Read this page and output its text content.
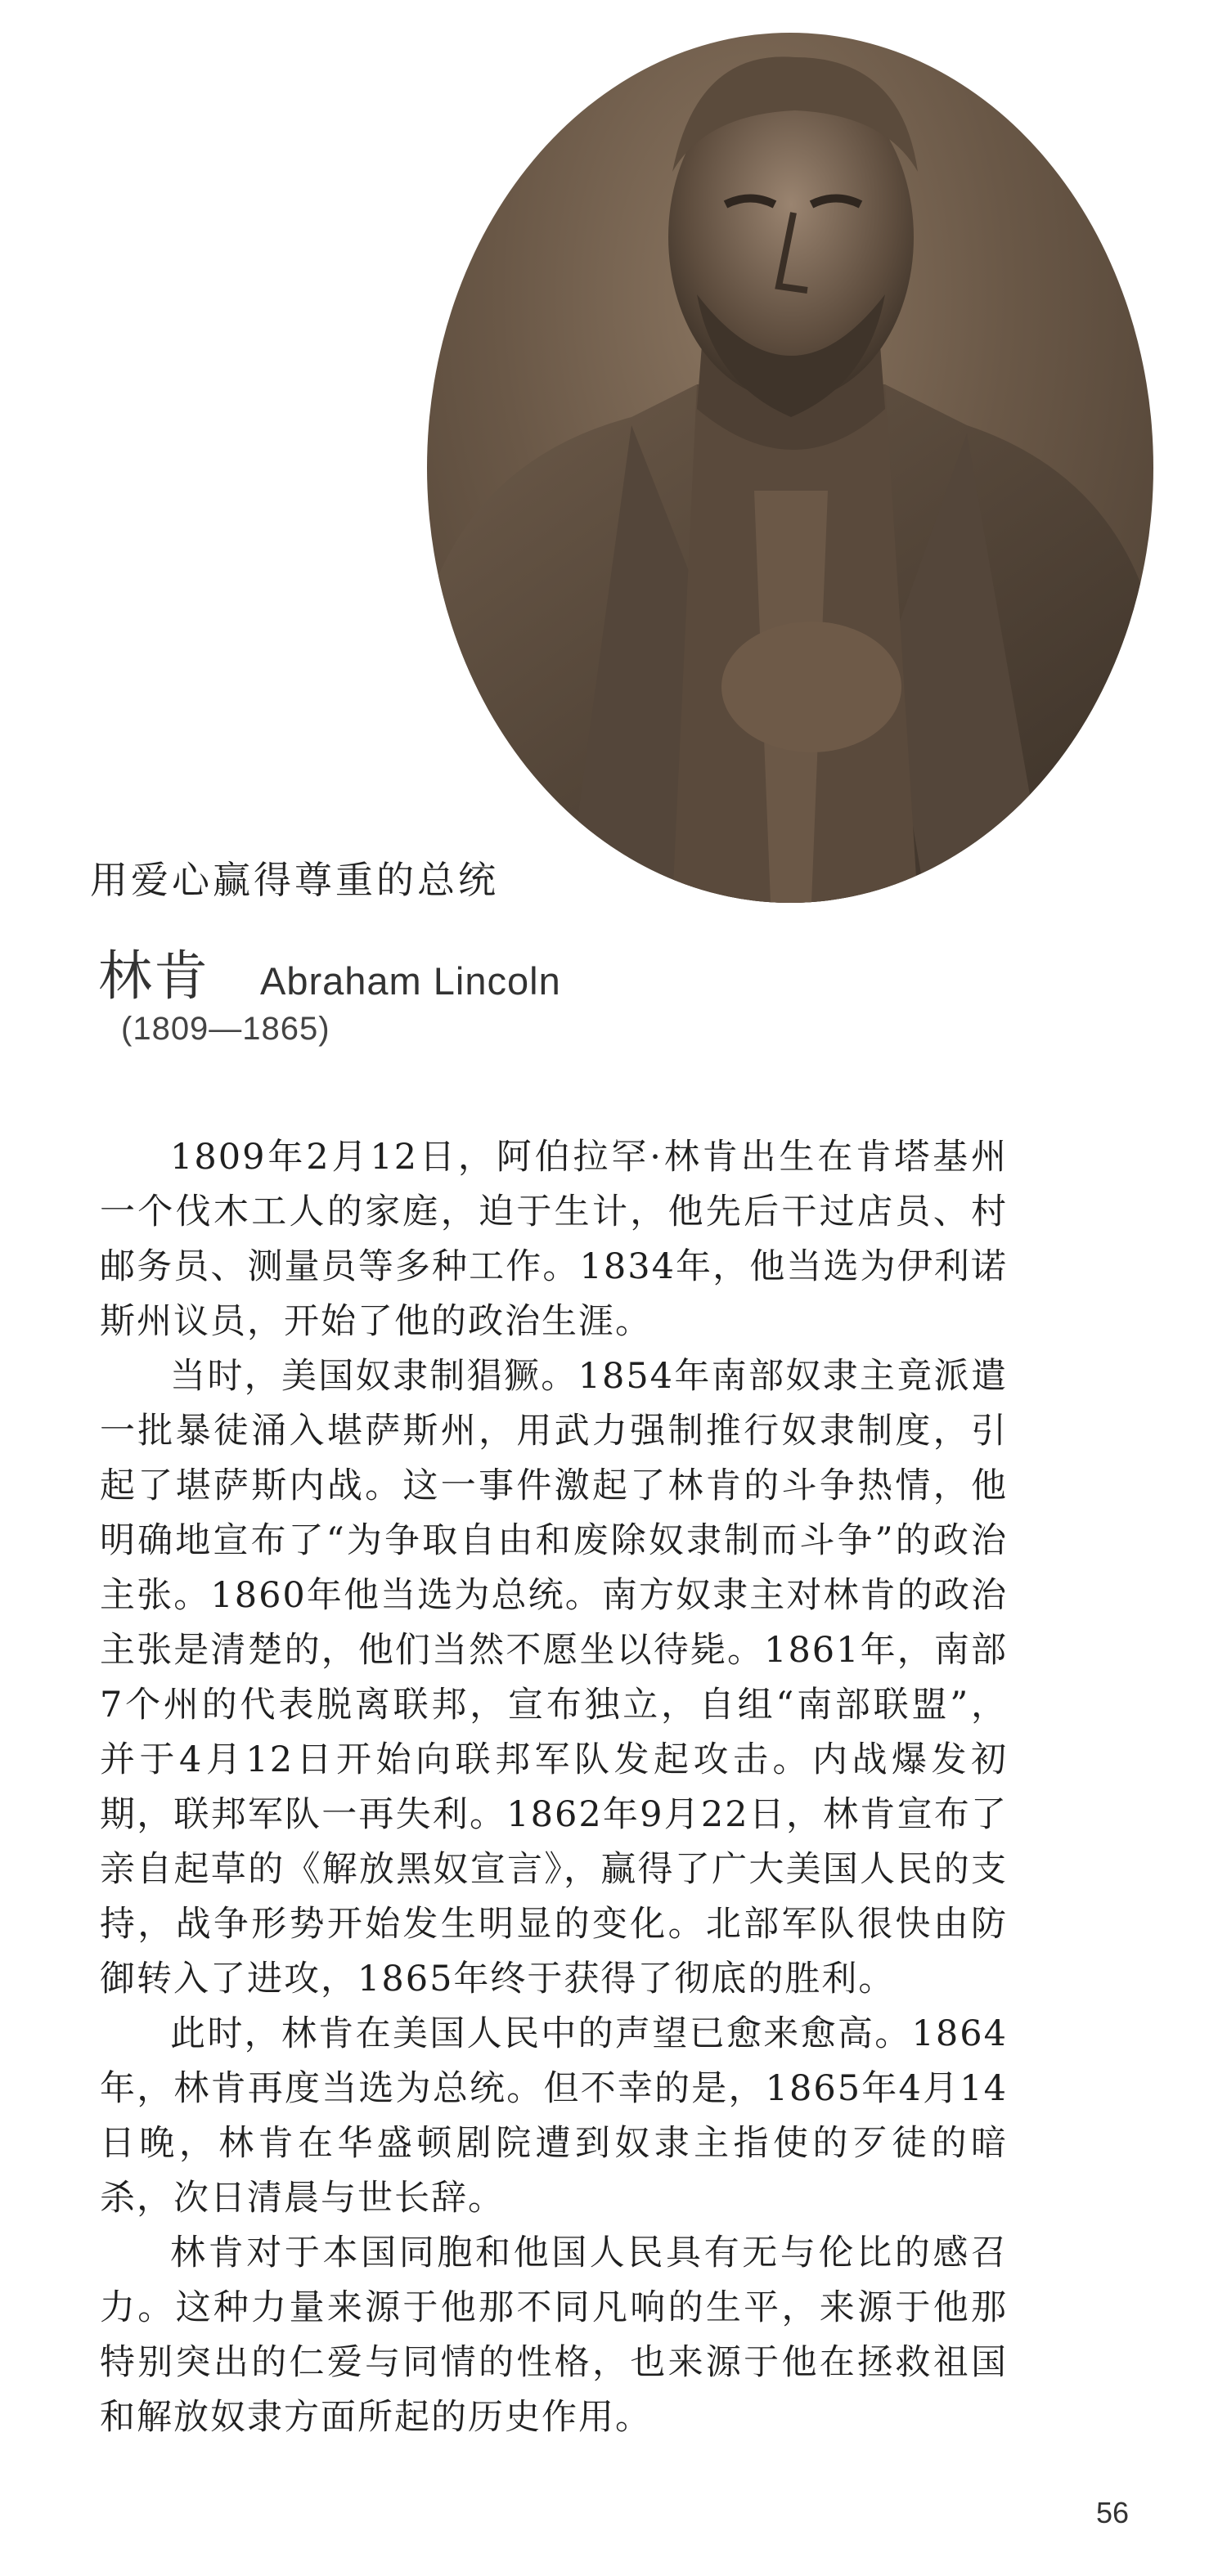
用爱心赢得尊重的总统
林肯 Abraham Lincoln
(1809—1865)

1809年2月12日，阿伯拉罕·林肯出生在肯塔基州一个伐木工人的家庭，迫于生计，他先后干过店员、村邮务员、测量员等多种工作。1834年，他当选为伊利诺斯州议员，开始了他的政治生涯。

当时，美国奴隶制猖獗。1854年南部奴隶主竟派遣一批暴徒涌入堪萨斯州，用武力强制推行奴隶制度，引起了堪萨斯内战。这一事件激起了林肯的斗争热情，他明确地宣布了“为争取自由和废除奴隶制而斗争”的政治主张。1860年他当选为总统。南方奴隶主对林肯的政治主张是清楚的，他们当然不愿坐以待毙。1861年，南部7个州的代表脱离联邦，宣布独立，自组“南部联盟”，并于4月12日开始向联邦军队发起攻击。内战爆发初期，联邦军队一再失利。1862年9月22日，林肯宣布了亲自起草的《解放黑奴宣言》，赢得了广大美国人民的支持，战争形势开始发生明显的变化。北部军队很快由防御转入了进攻，1865年终于获得了彻底的胜利。

此时，林肯在美国人民中的声望已愈来愈高。1864年，林肯再度当选为总统。但不幸的是，1865年4月14日晚，林肯在华盛顿剧院遭到奴隶主指使的歹徒的暗杀，次日清晨与世长辞。

林肯对于本国同胞和他国人民具有无与伦比的感召力。这种力量来源于他那不同凡响的生平，来源于他那特别突出的仁爱与同情的性格，也来源于他在拯救祖国和解放奴隶方面所起的历史作用。

56
